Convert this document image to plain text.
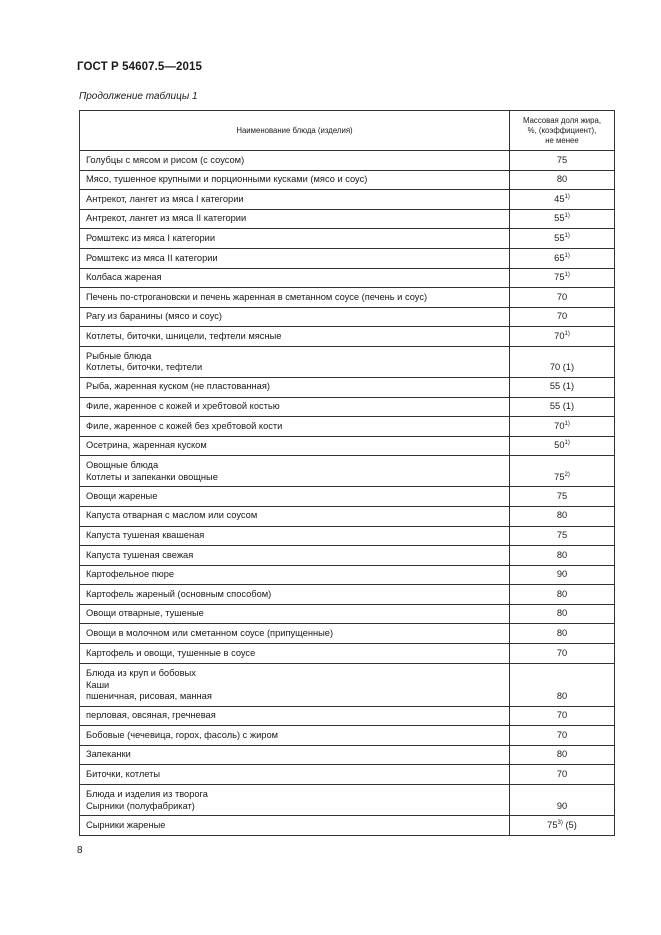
ГОСТ Р 54607.5—2015
Продолжение таблицы 1
Наименование блюда (изделия)	Массовая доля жира,
%, (коэффициент),
не менее

Голубцы с мясом и рисом (с соусом)	75

Мясо, тушенное крупными и порционными кусками (мясо и соус)	80

Антрекот, лангет из мяса I категории	45$^{1)}$

Антрекот, лангет из мяса II категории	55$^{1)}$

Ромштекс из мяса I категории	55$^{1)}$

Ромштекс из мяса II категории	65$^{1)}$

Колбаса жареная	75$^{1)}$

Печень по-строгановски и печень жаренная в сметанном соусе (печень и соус)	70

Рагу из баранины (мясо и соус)	70

Котлеты, биточки, шницели, тефтели мясные	70$^{1)}$

Рыбные блюда
Котлеты, биточки, тефтели	70 (1)

Рыба, жаренная куском (не пластованная)	55 (1)

Филе, жаренное с кожей и хребтовой костью	55 (1)

Филе, жаренное с кожей без хребтовой кости	70$^{1)}$

Осетрина, жаренная куском	50$^{1)}$

Овощные блюда
Котлеты и запеканки овощные	75$^{2)}$

Овощи жареные	75

Капуста отварная с маслом или соусом	80

Капуста тушеная квашеная	75

Капуста тушеная свежая	80

Картофельное пюре	90

Картофель жареный (основным способом)	80

Овощи отварные, тушеные	80

Овощи в молочном или сметанном соусе (припущенные)	80

Картофель и овощи, тушенные в соусе	70

Блюда из круп и бобовых
Каши
пшеничная, рисовая, манная	80

перловая, овсяная, гречневая	70

Бобовые (чечевица, горох, фасоль) с жиром	70

Запеканки	80

Биточки, котлеты	70

Блюда и изделия из творога
Сырники (полуфабрикат)	90

Сырники жареные	75$^{3)}$ (5)
8
